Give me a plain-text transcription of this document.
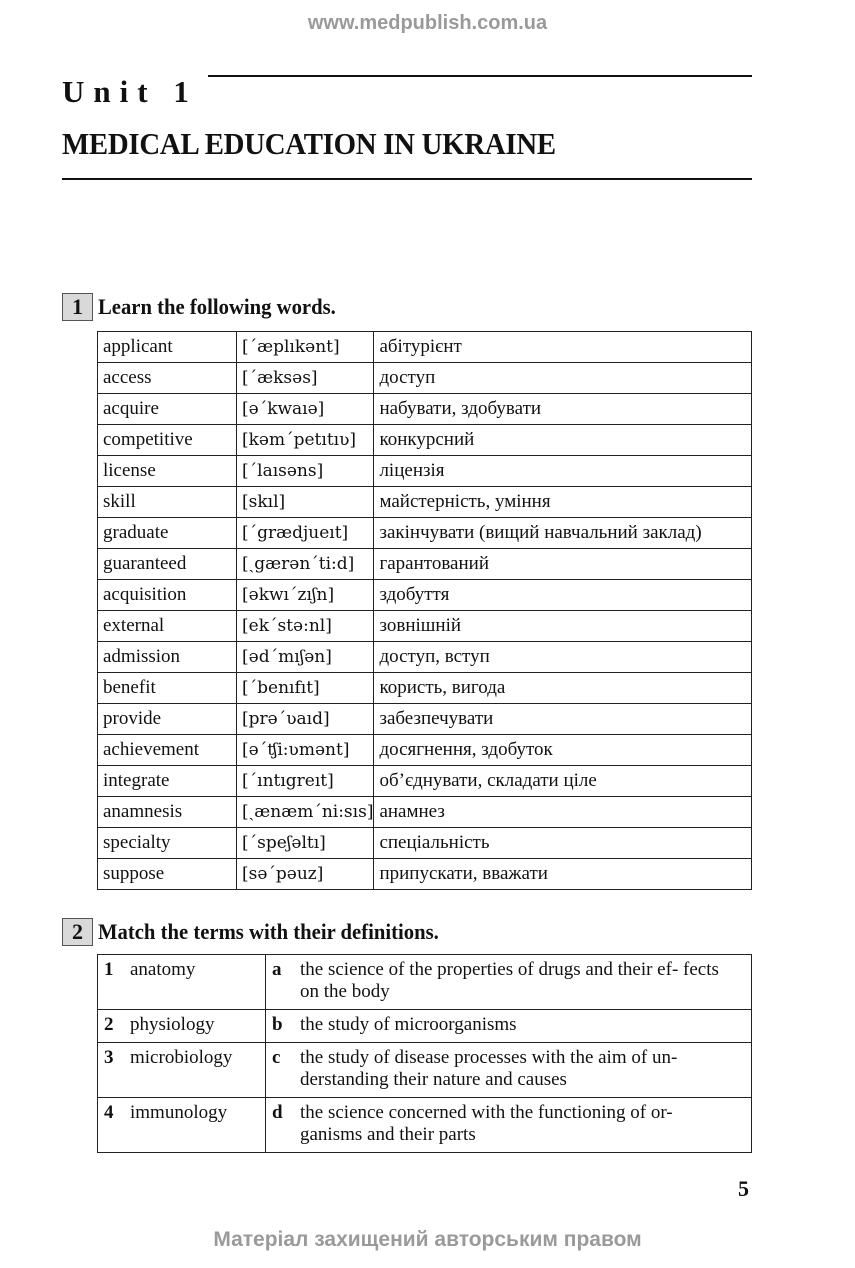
www.medpublish.com.ua
Unit 1
MEDICAL EDUCATION IN UKRAINE
1 Learn the following words.
applicant	[ˊæplıkənt]	абітурієнт
access	[ˊæksəs]	доступ
acquire	[əˊkwaıə]	набувати, здобувати
competitive	[kəmˊpetıtıʋ]	конкурсний
license	[ˊlaısəns]	ліцензія
skill	[skıl]	майстерність, уміння
graduate	[ˊgrædjueıt]	закінчувати (вищий навчальний заклад)
guaranteed	[ˏgærənˊti:d]	гарантований
acquisition	[əkwıˊzıʃn]	здобуття
external	[ekˊstə:nl]	зовнішній
admission	[ədˊmıʃən]	доступ, вступ
benefit	[ˊbenıfıt]	користь, вигода
provide	[prəˊʋaıd]	забезпечувати
achievement	[əˊʧi:ʋmənt]	досягнення, здобуток
integrate	[ˊıntıgreıt]	об’єднувати, складати ціле
anamnesis	[ˏænæmˊni:sıs]	анамнез
specialty	[ˊspeʃəltı]	спеціальність
suppose	[səˊpəuz]	припускати, вважати
2 Match the terms with their definitions.
1 anatomy	a the science of the properties of drugs and their ef- fects on the body
2 physiology	b the study of microorganisms
3 microbiology	c the study of disease processes with the aim of un- derstanding their nature and causes
4 immunology	d the science concerned with the functioning of or- ganisms and their parts
5
Матеріал захищений авторським правом
